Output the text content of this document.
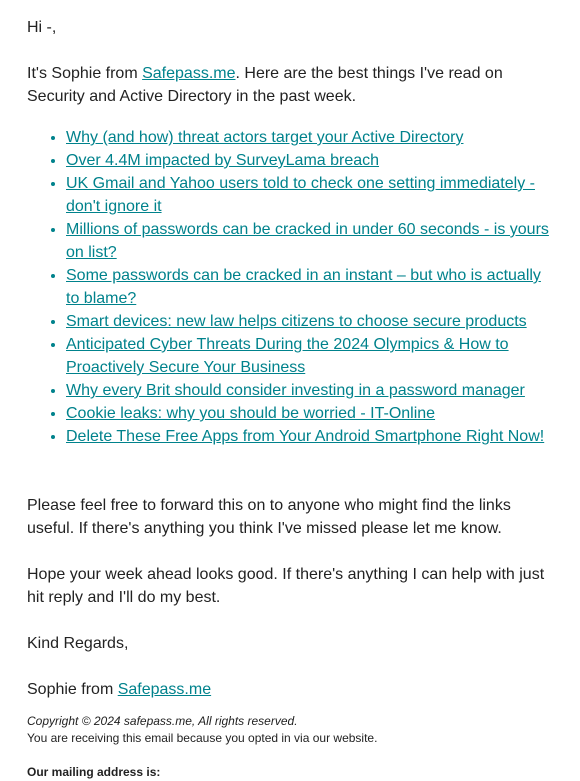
Hi -,

It's Sophie from Safepass.me. Here are the best things I've read on Security and Active Directory in the past week.

• Why (and how) threat actors target your Active Directory
• Over 4.4M impacted by SurveyLama breach
• UK Gmail and Yahoo users told to check one setting immediately - don't ignore it
• Millions of passwords can be cracked in under 60 seconds - is yours on list?
• Some passwords can be cracked in an instant – but who is actually to blame?
• Smart devices: new law helps citizens to choose secure products
• Anticipated Cyber Threats During the 2024 Olympics & How to Proactively Secure Your Business
• Why every Brit should consider investing in a password manager
• Cookie leaks: why you should be worried - IT-Online
• Delete These Free Apps from Your Android Smartphone Right Now!

Please feel free to forward this on to anyone who might find the links useful. If there's anything you think I've missed please let me know.

Hope your week ahead looks good. If there's anything I can help with just hit reply and I'll do my best.

Kind Regards,

Sophie from Safepass.me

Copyright © 2024 safepass.me, All rights reserved.
You are receiving this email because you opted in via our website.
Our mailing address is:
